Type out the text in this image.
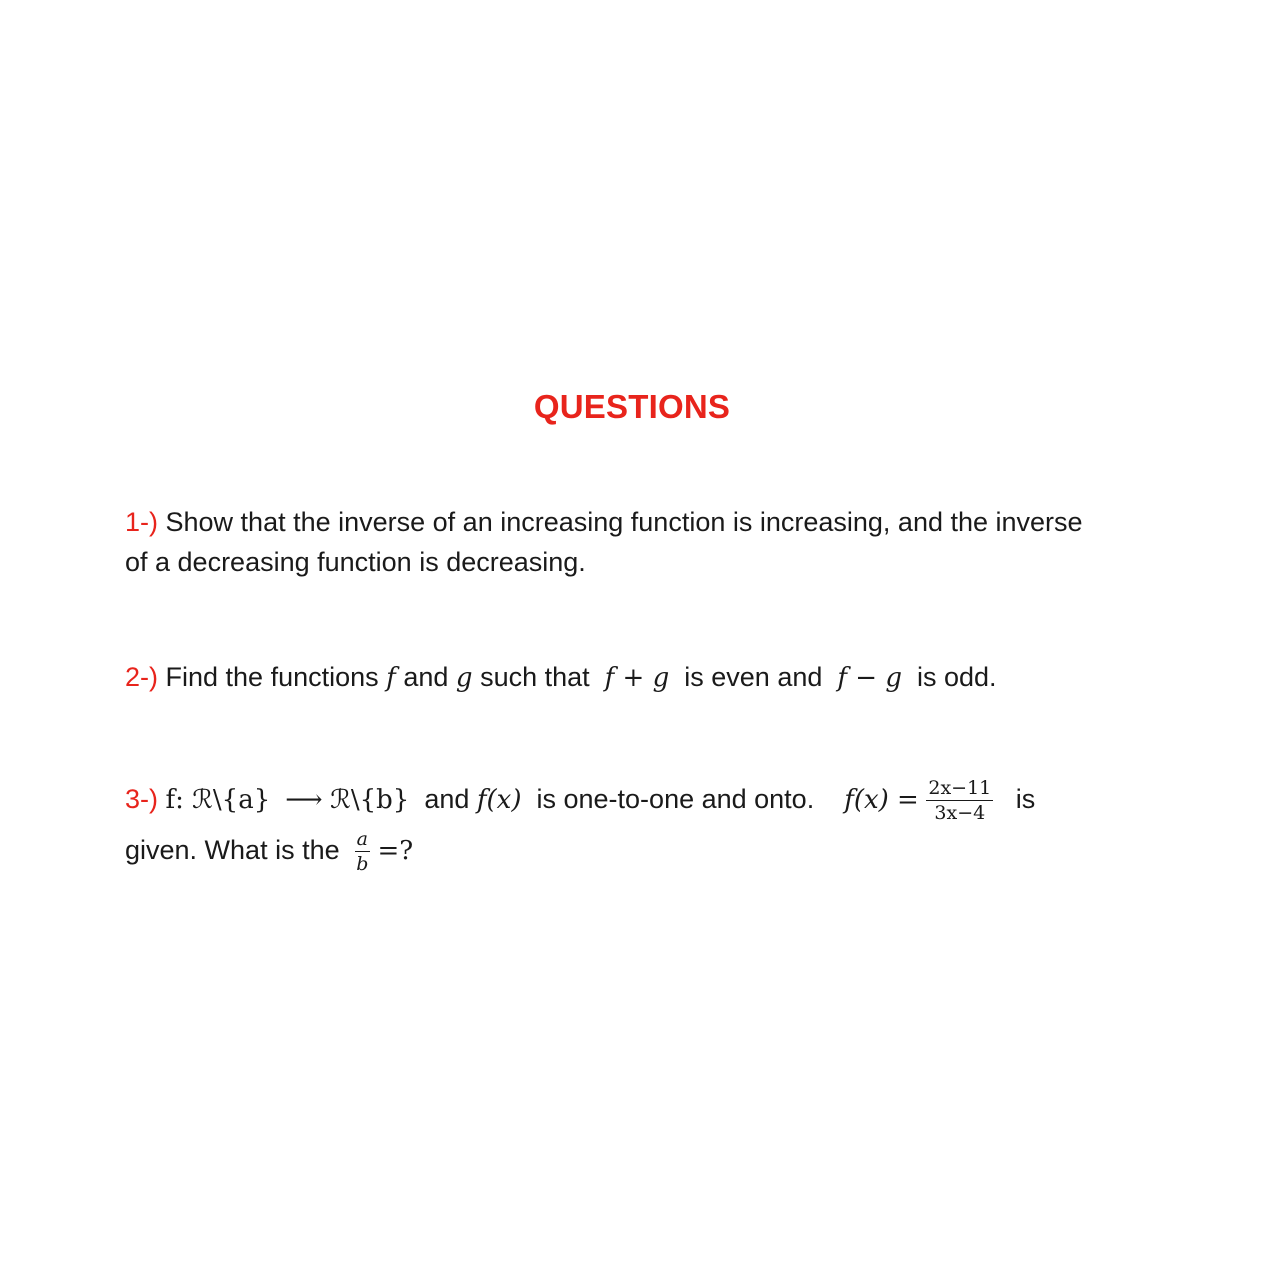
QUESTIONS
1-) Show that the inverse of an increasing function is increasing, and the inverse
of a decreasing function is decreasing.
2-) Find the functions f and g such that f + g is even and f − g is odd.
3-) f: ℛ\{a} ⟶ ℛ\{b} and f(x) is one-to-one and onto. $f(x) = \frac{2x-11}{3x-4}$ is
given. What is the $\frac{a}{b}$ =?
